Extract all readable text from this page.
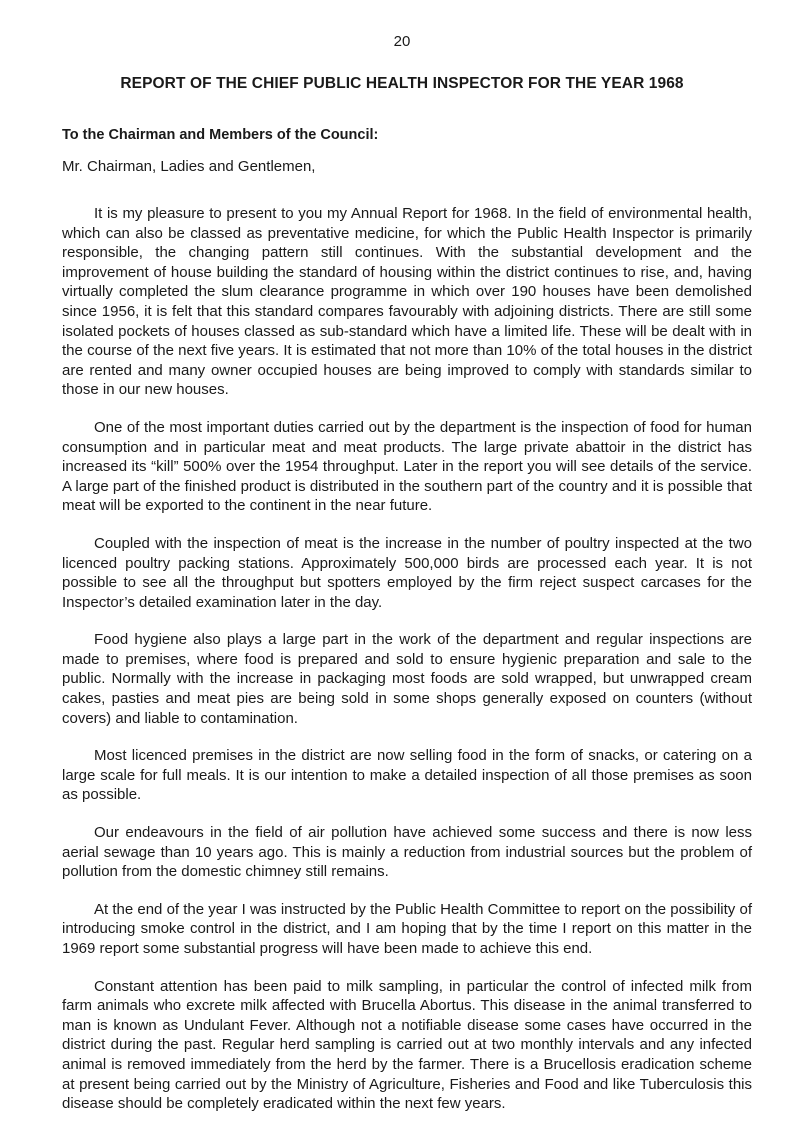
20
REPORT OF THE CHIEF PUBLIC HEALTH INSPECTOR FOR THE YEAR 1968
To the Chairman and Members of the Council:
Mr. Chairman, Ladies and Gentlemen,

It is my pleasure to present to you my Annual Report for 1968. In the field of environmental health, which can also be classed as preventative medicine, for which the Public Health Inspector is primarily responsible, the changing pattern still continues. With the substantial development and the improvement of house building the standard of housing within the district continues to rise, and, having virtually completed the slum clearance programme in which over 190 houses have been demolished since 1956, it is felt that this standard compares favourably with adjoining districts. There are still some isolated pockets of houses classed as sub-standard which have a limited life. These will be dealt with in the course of the next five years. It is estimated that not more than 10% of the total houses in the district are rented and many owner occupied houses are being improved to comply with standards similar to those in our new houses.

One of the most important duties carried out by the department is the inspection of food for human consumption and in particular meat and meat products. The large private abattoir in the district has increased its “kill” 500% over the 1954 throughput. Later in the report you will see details of the service. A large part of the finished product is distributed in the southern part of the country and it is possible that meat will be exported to the continent in the near future.

Coupled with the inspection of meat is the increase in the number of poultry inspected at the two licenced poultry packing stations. Approximately 500,000 birds are processed each year. It is not possible to see all the throughput but spotters employed by the firm reject suspect carcases for the Inspector’s detailed examination later in the day.

Food hygiene also plays a large part in the work of the department and regular inspections are made to premises, where food is prepared and sold to ensure hygienic preparation and sale to the public. Normally with the increase in packaging most foods are sold wrapped, but unwrapped cream cakes, pasties and meat pies are being sold in some shops generally exposed on counters (without covers) and liable to contamination.

Most licenced premises in the district are now selling food in the form of snacks, or catering on a large scale for full meals. It is our intention to make a detailed inspection of all those premises as soon as possible.

Our endeavours in the field of air pollution have achieved some success and there is now less aerial sewage than 10 years ago. This is mainly a reduction from industrial sources but the problem of pollution from the domestic chimney still remains.

At the end of the year I was instructed by the Public Health Committee to report on the possibility of introducing smoke control in the district, and I am hoping that by the time I report on this matter in the 1969 report some substantial progress will have been made to achieve this end.

Constant attention has been paid to milk sampling, in particular the control of infected milk from farm animals who excrete milk affected with Brucella Abortus. This disease in the animal transferred to man is known as Undulant Fever. Although not a notifiable disease some cases have occurred in the district during the past. Regular herd sampling is carried out at two monthly intervals and any infected animal is removed immediately from the herd by the farmer. There is a Brucellosis eradication scheme at present being carried out by the Ministry of Agriculture, Fisheries and Food and like Tuberculosis this disease should be completely eradicated within the next few years.
